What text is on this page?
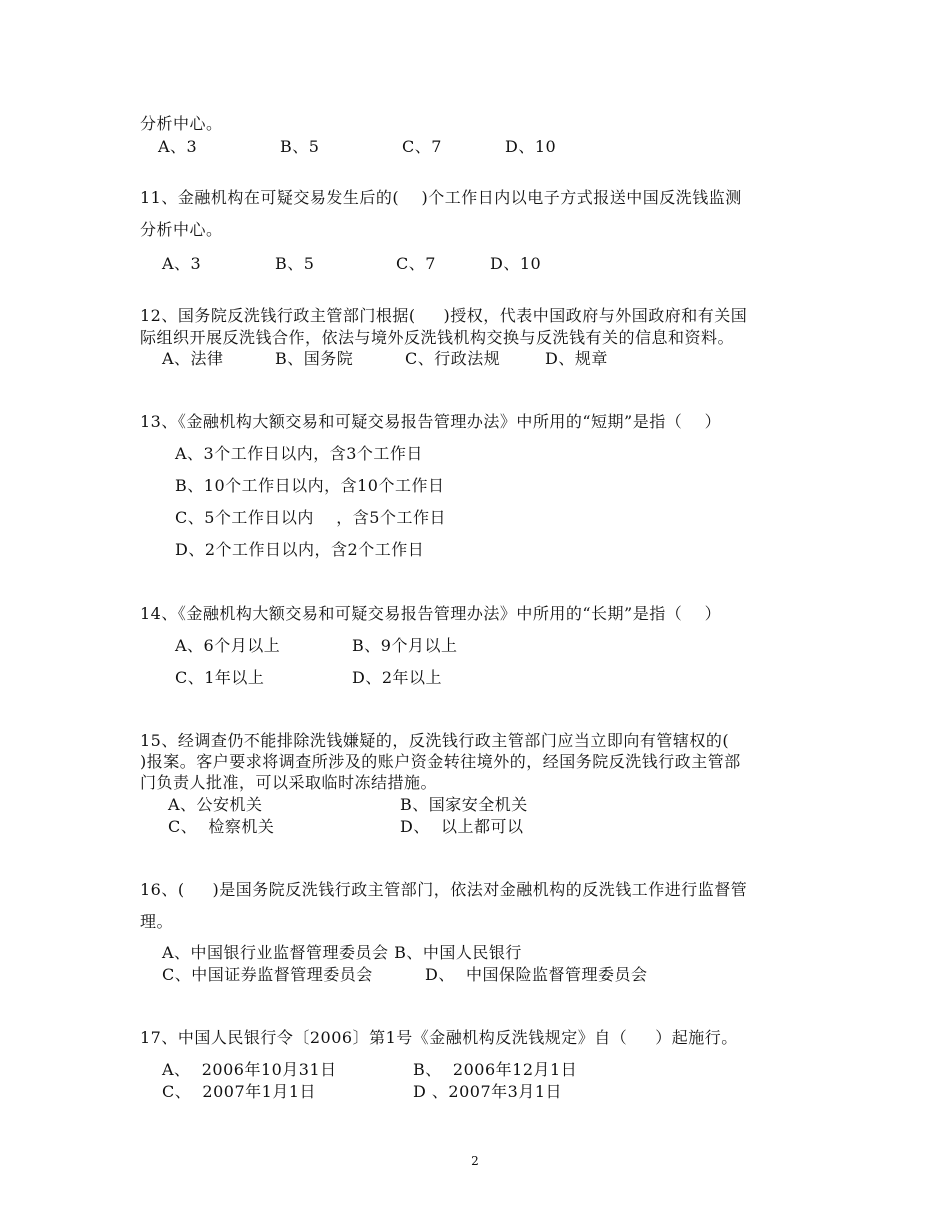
分析中心。
A、3	B、5	C、7	D、10
11、金融机构在可疑交易发生后的(    )个工作日内以电子方式报送中国反洗钱监测
分析中心。
A、3	B、5	C、7	D、10
12、国务院反洗钱行政主管部门根据(     )授权，代表中国政府与外国政府和有关国
际组织开展反洗钱合作，依法与境外反洗钱机构交换与反洗钱有关的信息和资料。
A、法律	B、国务院	C、行政法规	D、规章
13、《金融机构大额交易和可疑交易报告管理办法》中所用的“短期”是指（    ）
A、3个工作日以内，含3个工作日
B、10个工作日以内，含10个工作日
C、5个工作日以内    ，含5个工作日
D、2个工作日以内，含2个工作日
14、《金融机构大额交易和可疑交易报告管理办法》中所用的“长期”是指（    ）
A、6个月以上	B、9个月以上
C、1年以上	D、2年以上
15、经调查仍不能排除洗钱嫌疑的，反洗钱行政主管部门应当立即向有管辖权的(
)报案。客户要求将调查所涉及的账户资金转往境外的，经国务院反洗钱行政主管部
门负责人批准，可以采取临时冻结措施。
A、公安机关	B、国家安全机关
C、  检察机关	D、  以上都可以
16、(     )是国务院反洗钱行政主管部门，依法对金融机构的反洗钱工作进行监督管
理。
A、中国银行业监督管理委员会 B、中国人民银行
C、中国证券监督管理委员会	D、  中国保险监督管理委员会
17、中国人民银行令〔2006〕第1号《金融机构反洗钱规定》自（     ）起施行。
A、  2006年10月31日	B、  2006年12月1日
C、  2007年1月1日	D 、2007年3月1日
2
